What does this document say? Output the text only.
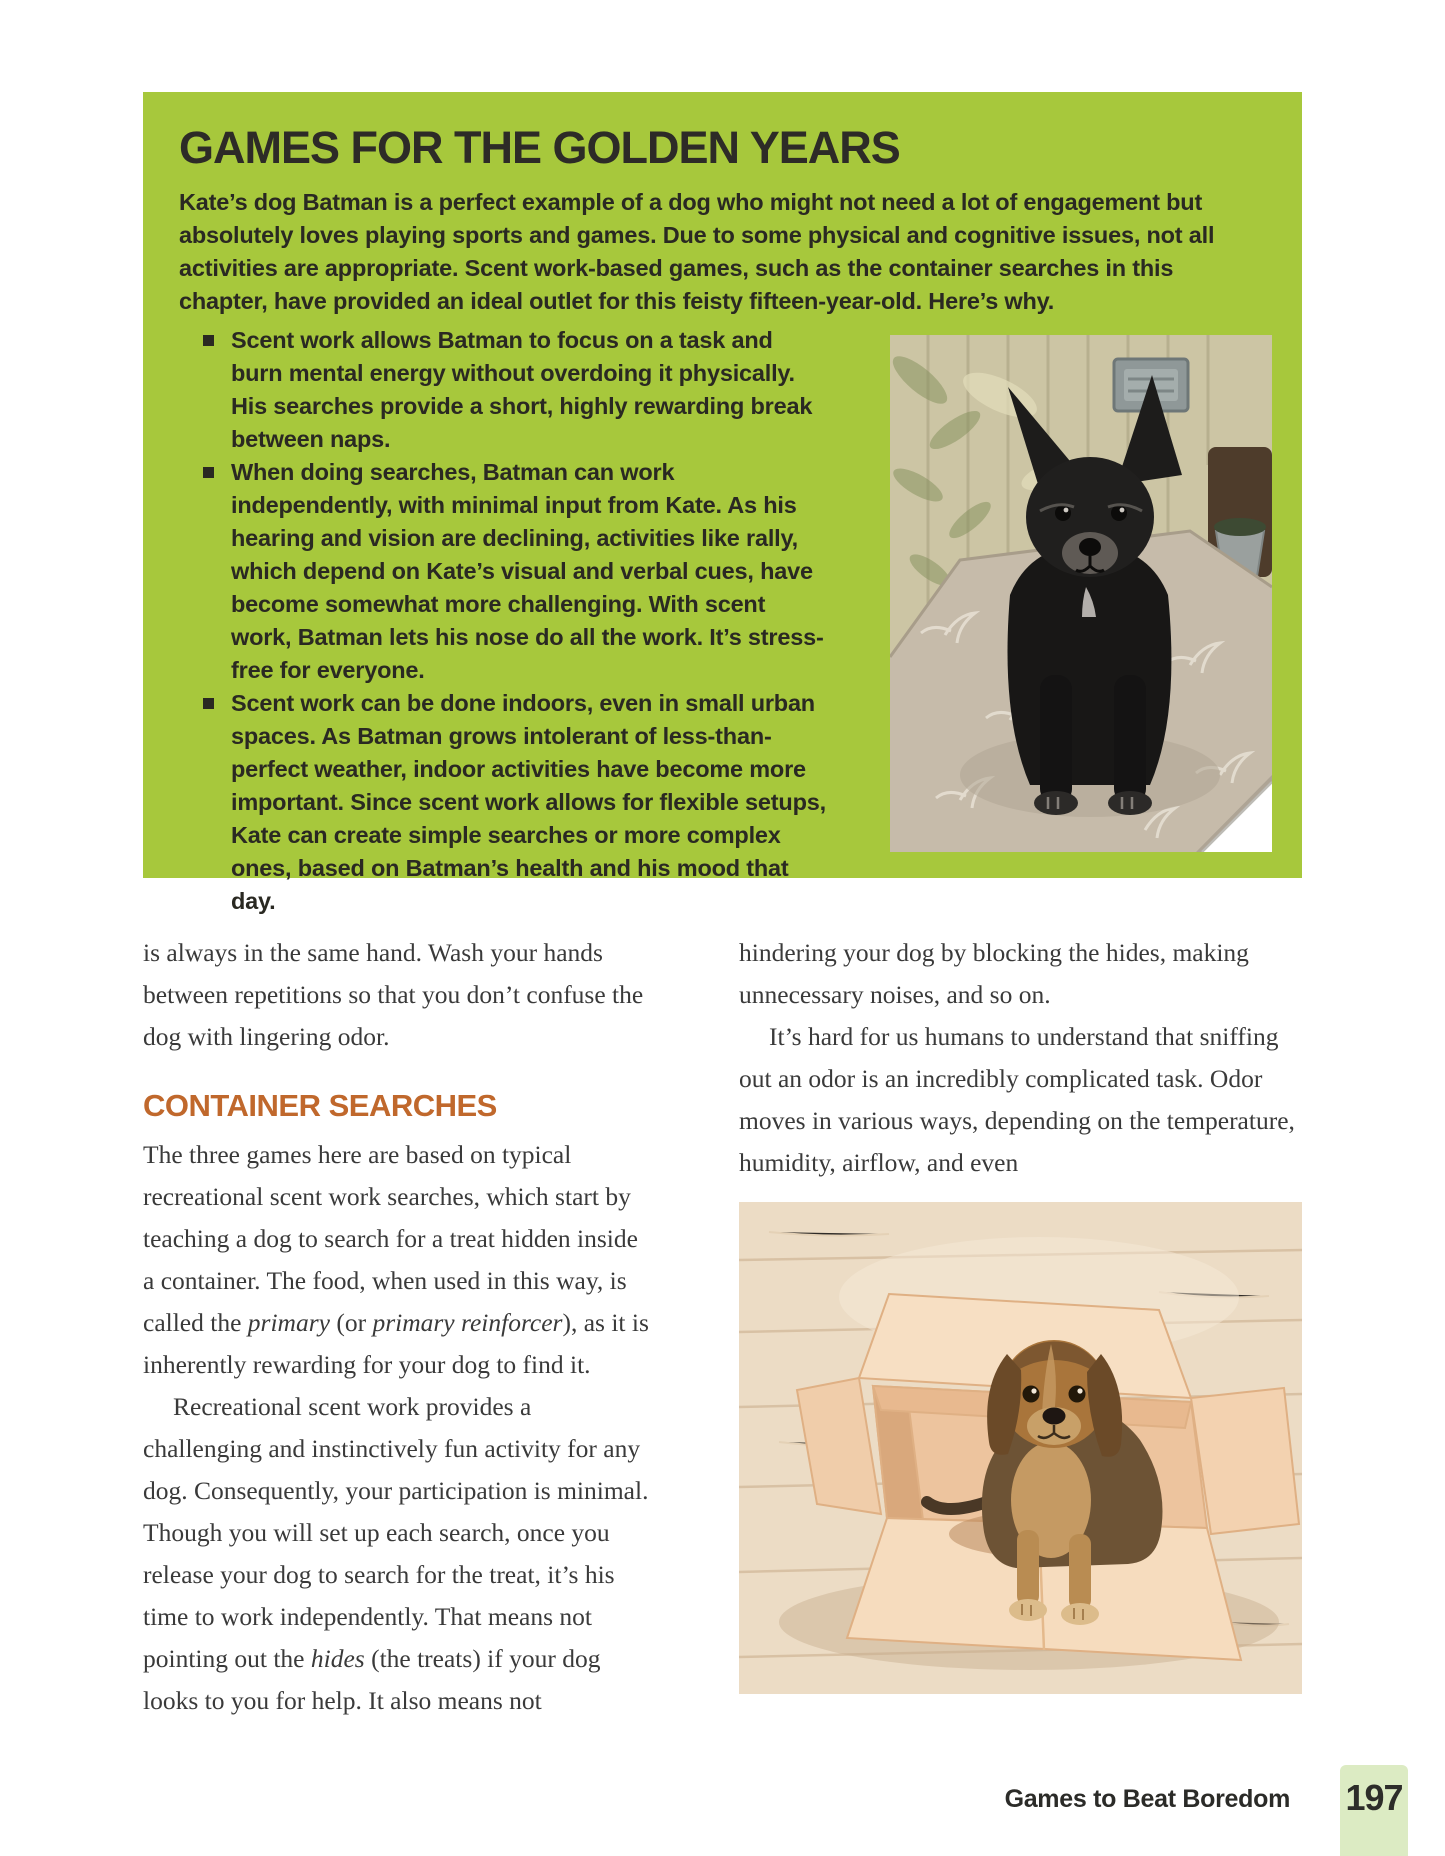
GAMES FOR THE GOLDEN YEARS

Kate’s dog Batman is a perfect example of a dog who might not need a lot of engagement but absolutely loves playing sports and games. Due to some physical and cognitive issues, not all activities are appropriate. Scent work-based games, such as the container searches in this chapter, have provided an ideal outlet for this feisty fifteen-year-old. Here’s why.

Scent work allows Batman to focus on a task and burn mental energy without overdoing it physically. His searches provide a short, highly rewarding break between naps.
When doing searches, Batman can work independently, with minimal input from Kate. As his hearing and vision are declining, activities like rally, which depend on Kate’s visual and verbal cues, have become somewhat more challenging. With scent work, Batman lets his nose do all the work. It’s stress-free for everyone.
Scent work can be done indoors, even in small urban spaces. As Batman grows intolerant of less-than-perfect weather, indoor activities have become more important. Since scent work allows for flexible setups, Kate can create simple searches or more complex ones, based on Batman’s health and his mood that day.

is always in the same hand. Wash your hands between repetitions so that you don’t confuse the dog with lingering odor.

CONTAINER SEARCHES

The three games here are based on typical recreational scent work searches, which start by teaching a dog to search for a treat hidden inside a container. The food, when used in this way, is called the primary (or primary reinforcer), as it is inherently rewarding for your dog to find it.

Recreational scent work provides a challenging and instinctively fun activity for any dog. Consequently, your participation is minimal. Though you will set up each search, once you release your dog to search for the treat, it’s his time to work independently. That means not pointing out the hides (the treats) if your dog looks to you for help. It also means not

hindering your dog by blocking the hides, making unnecessary noises, and so on.

It’s hard for us humans to understand that sniffing out an odor is an incredibly complicated task. Odor moves in various ways, depending on the temperature, humidity, airflow, and even

Games to Beat Boredom 197
